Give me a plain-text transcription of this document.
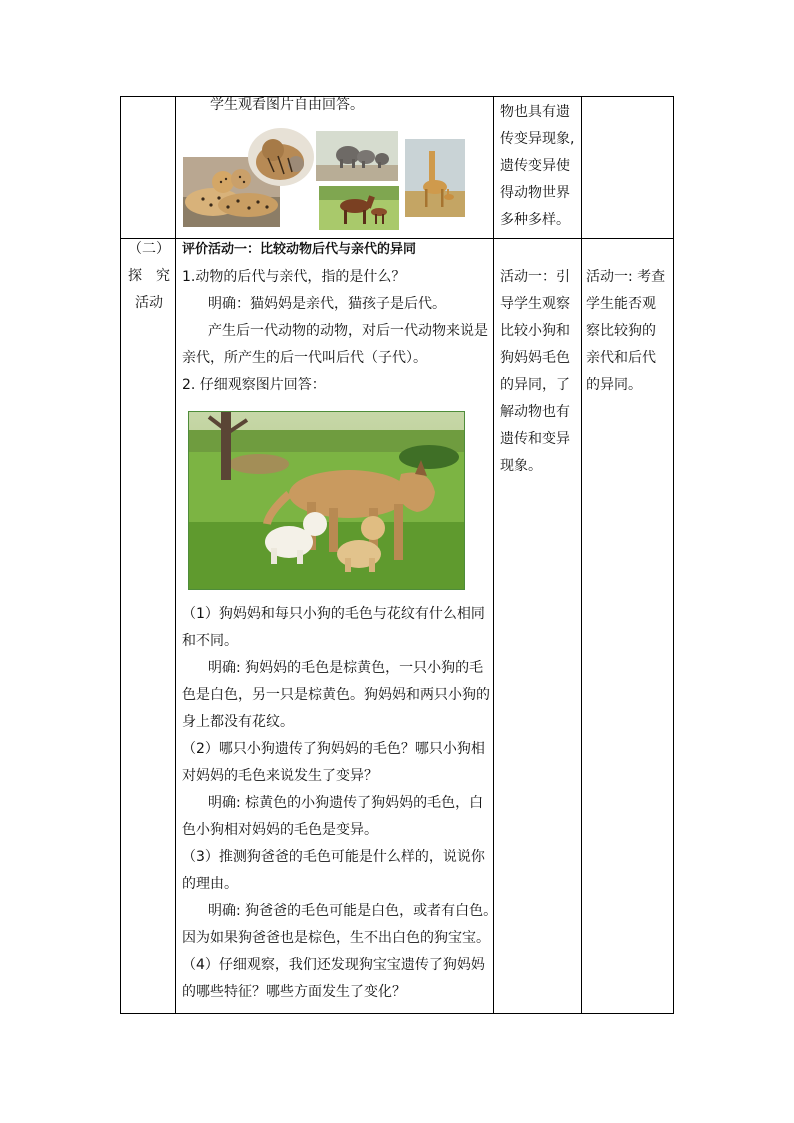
学生观看图片自由回答。	物也具有遗
传变异现象,
遗传变异使
得动物世界
多种多样。
（二）
探　究
活动
评价活动一：比较动物后代与亲代的异同
1.动物的后代与亲代，指的是什么？
明确：猫妈妈是亲代，猫孩子是后代。
产生后一代动物的动物，对后一代动物来说是
亲代，所产生的后一代叫后代（子代）。
2. 仔细观察图片回答：
（1）狗妈妈和每只小狗的毛色与花纹有什么相同
和不同。
明确: 狗妈妈的毛色是棕黄色，一只小狗的毛
色是白色，另一只是棕黄色。狗妈妈和两只小狗的
身上都没有花纹。
（2）哪只小狗遗传了狗妈妈的毛色？哪只小狗相
对妈妈的毛色来说发生了变异？
明确: 棕黄色的小狗遗传了狗妈妈的毛色，白
色小狗相对妈妈的毛色是变异。
（3）推测狗爸爸的毛色可能是什么样的，说说你
的理由。
明确: 狗爸爸的毛色可能是白色，或者有白色。
因为如果狗爸爸也是棕色，生不出白色的狗宝宝。
（4）仔细观察，我们还发现狗宝宝遗传了狗妈妈
的哪些特征？哪些方面发生了变化？
活动一：引
导学生观察
比较小狗和
狗妈妈毛色
的异同，了
解动物也有
遗传和变异
现象。
活动一: 考查
学生能否观
察比较狗的
亲代和后代
的异同。
